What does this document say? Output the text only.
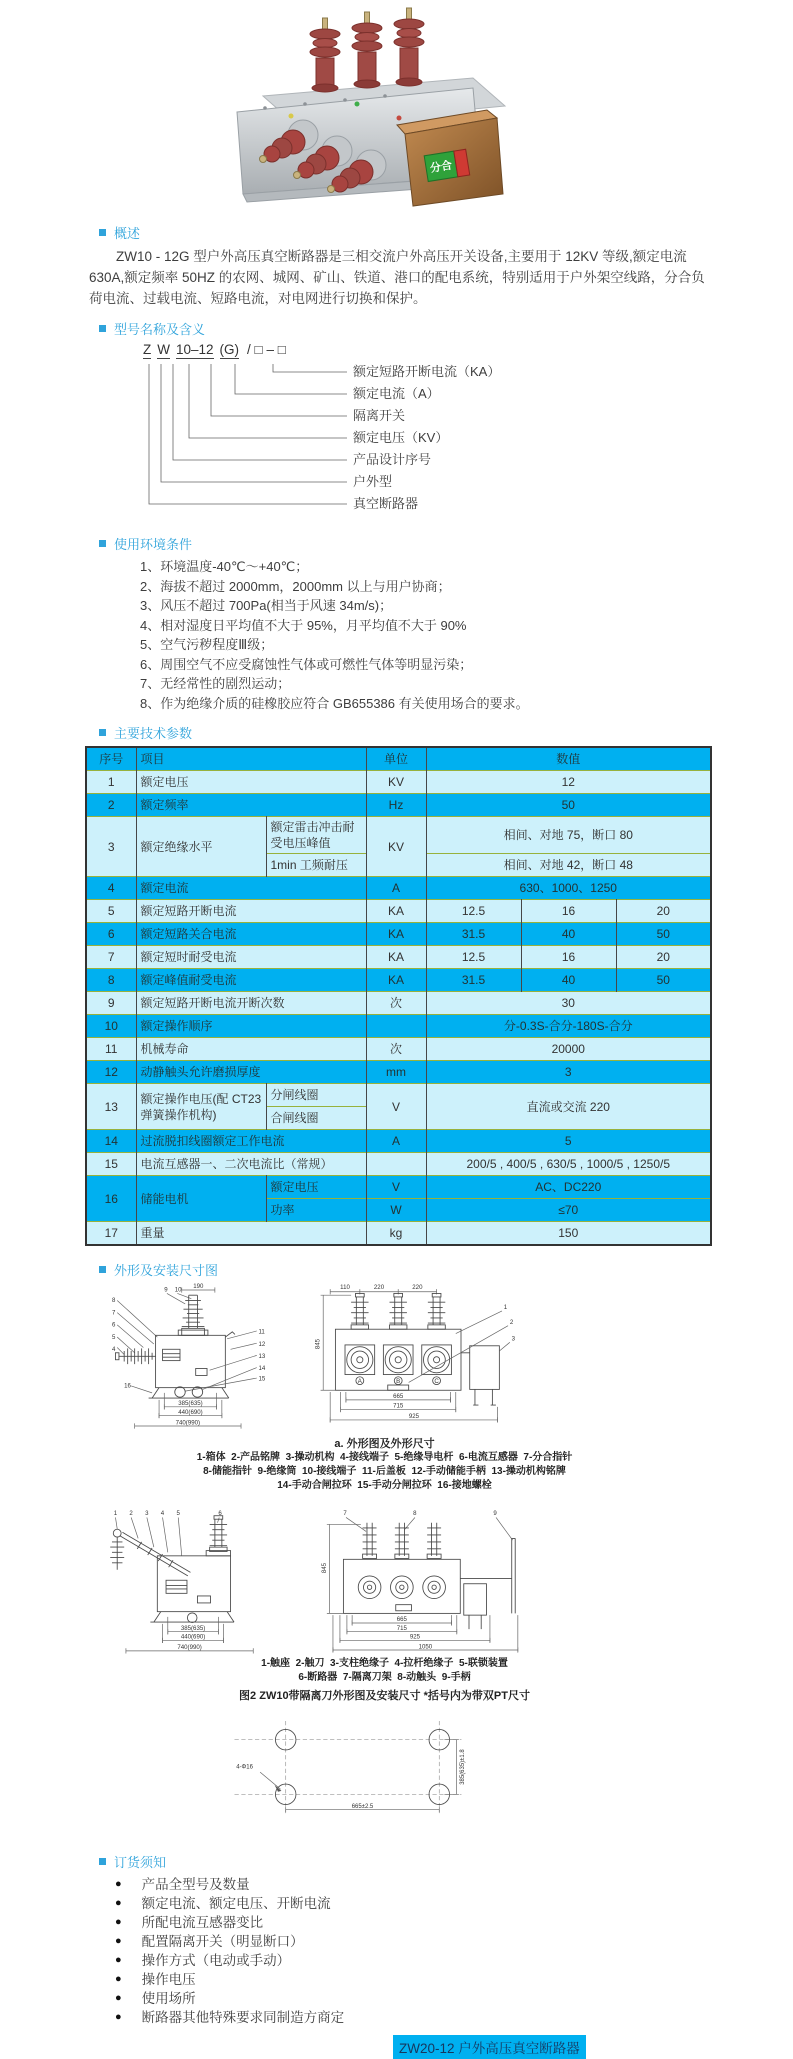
分合
概述
ZW10 - 12G 型户外高压真空断路器是三相交流户外高压开关设备,主要用于 12KV 等级,额定电流 630A,额定频率 50HZ 的农网、城网、矿山、铁道、港口的配电系统，特别适用于户外架空线路，分合负荷电流、过载电流、短路电流，对电网进行切换和保护。
型号名称及含义
Z W 10–12 (G) / □ – □
额定短路开断电流（KA）
额定电流（A）
隔离开关
额定电压（KV）
产品设计序号
户外型
真空断路器
使用环境条件
1、环境温度-40℃～+40℃；
2、海拔不超过 2000mm，2000mm 以上与用户协商；
3、风压不超过 700Pa(相当于风速 34m/s)；
4、相对湿度日平均值不大于 95%，月平均值不大于 90%
5、空气污秽程度Ⅲ级；
6、周围空气不应受腐蚀性气体或可燃性气体等明显污染；
7、无经常性的剧烈运动；
8、作为绝缘介质的硅橡胶应符合 GB655386 有关使用场合的要求。
主要技术参数
序号	项目		单位	数值		
1	额定电压		KV	12		
2	额定频率		Hz	50		
3	额定绝缘水平	额定雷击冲击耐受电压峰值	KV	相间、对地 75，断口 80		
		1min 工频耐压		相间、对地 42，断口 48		
4	额定电流		A	630、1000、1250		
5	额定短路开断电流		KA	12.5	16	20
6	额定短路关合电流		KA	31.5	40	50
7	额定短时耐受电流		KA	12.5	16	20
8	额定峰值耐受电流		KA	31.5	40	50
9	额定短路开断电流开断次数		次	30		
10	额定操作顺序			分-0.3S-合分-180S-合分		
11	机械寿命		次	20000		
12	动静触头允许磨损厚度		mm	3		
13	额定操作电压(配 CT23 弹簧操作机构)	分闸线圈	V	直流或交流 220		
		合闸线圈				
14	过流脱扣线圈额定工作电流		A	5		
15	电流互感器一、二次电流比（常规）			200/5 , 400/5 , 630/5 , 1000/5 , 1250/5		
16	储能电机	额定电压	V	AC、DC220		
		功率	W	≤70		
17	重量		kg	150		
外形及安装尺寸图
190
9 10
8
7
6
5
4
11
12
13
14
15
16
385(635)
440(690)
740(990)
110	220	220
A	B	C
1
2
3
845
665
715
925
a. 外形图及外形尺寸
1-箱体  2-产品铭牌  3-操动机构  4-接线端子  5-绝缘导电杆  6-电流互感器  7-分合指针
8-储能指针  9-绝缘筒  10-接线端子  11-后盖板  12-手动储能手柄  13-操动机构铭牌
14-手动合闸拉环  15-手动分闸拉环  16-接地螺栓
1 2 3 4 5	6
385(635)
440(690)
740(990)
7	8	9
845
665
715
925
1050
1-触座  2-触刀  3-支柱绝缘子  4-拉杆绝缘子  5-联锁装置
6-断路器  7-隔离刀架  8-动触头  9-手柄
图2 ZW10带隔离刀外形图及安装尺寸 *括号内为带双PT尺寸
4-Φ16
665±2.5
385(635)±1.8
订货须知
● 产品全型号及数量
● 额定电流、额定电压、开断电流
● 所配电流互感器变比
● 配置隔离开关（明显断口）
● 操作方式（电动或手动）
● 操作电压
● 使用场所
● 断路器其他特殊要求同制造方商定
ZW20-12 户外高压真空断路器
